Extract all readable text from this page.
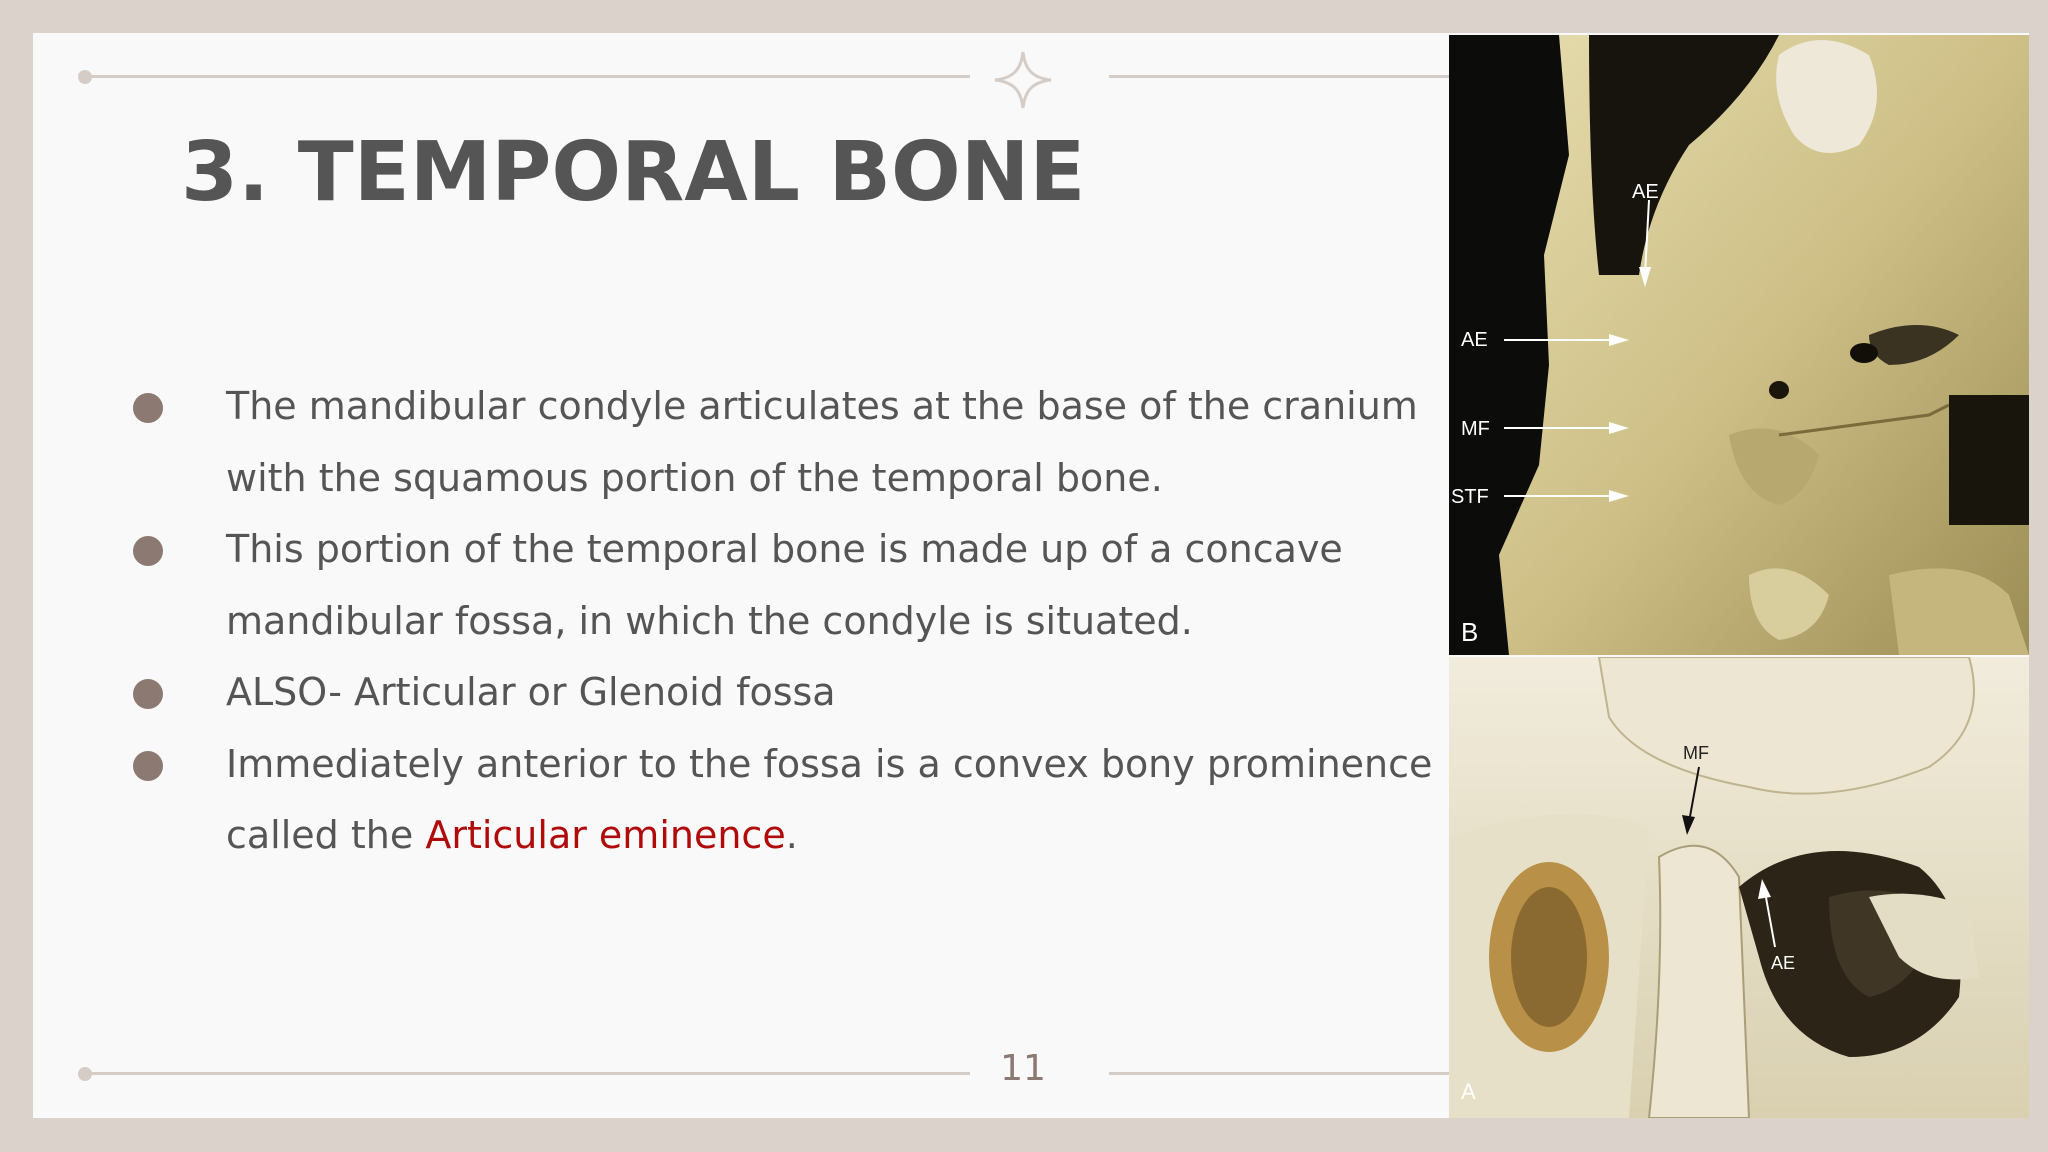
3. TEMPORAL BONE
The mandibular condyle articulates at the base of the cranium with the squamous portion of the temporal bone.
This portion of the temporal bone is made up of a concave mandibular fossa, in which the condyle is situated.
ALSO- Articular or Glenoid fossa
Immediately anterior to the fossa is a convex bony prominence called the Articular eminence.
11
AE
AE
MF
STF
B
MF
AE
A
